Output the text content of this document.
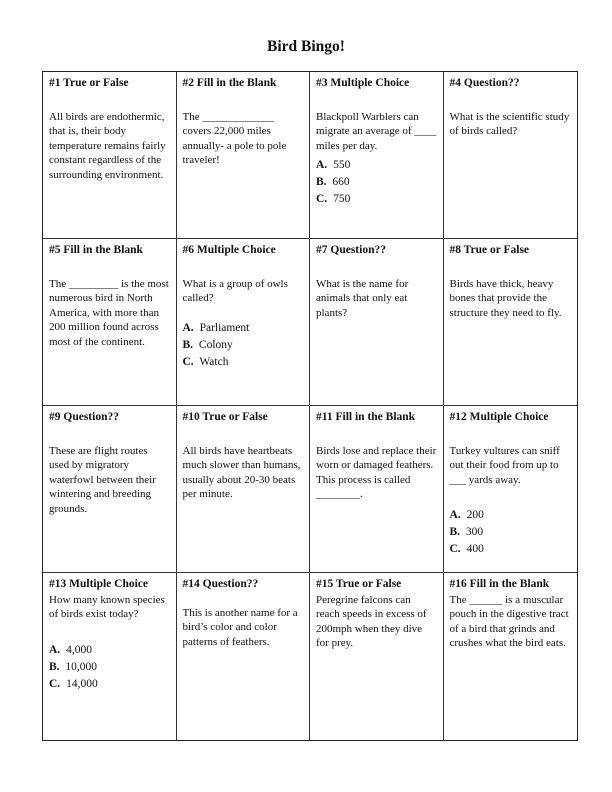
Bird Bingo!
#1 True or False
All birds are endothermic, that is, their body temperature remains fairly constant regardless of the surrounding environment.
#2 Fill in the Blank
The _____________ covers 22,000 miles annually- a pole to pole traveler!
#3 Multiple Choice
Blackpoll Warblers can migrate an average of ____ miles per day.
A. 550
B. 660
C. 750
#4 Question??
What is the scientific study of birds called?
#5 Fill in the Blank
The _________ is the most numerous bird in North America, with more than 200 million found across most of the continent.
#6 Multiple Choice
What is a group of owls called?
A. Parliament
B. Colony
C. Watch
#7 Question??
What is the name for animals that only eat plants?
#8 True or False
Birds have thick, heavy bones that provide the structure they need to fly.
#9 Question??
These are flight routes used by migratory waterfowl between their wintering and breeding grounds.
#10 True or False
All birds have heartbeats much slower than humans, usually about 20-30 beats per minute.
#11 Fill in the Blank
Birds lose and replace their worn or damaged feathers. This process is called ________.
#12 Multiple Choice
Turkey vultures can sniff out their food from up to ___ yards away.
A. 200
B. 300
C. 400
#13 Multiple Choice
How many known species of birds exist today?
A. 4,000
B. 10,000
C. 14,000
#14 Question??
This is another name for a bird’s color and color patterns of feathers.
#15 True or False
Peregrine falcons can reach speeds in excess of 200mph when they dive for prey.
#16 Fill in the Blank
The ______ is a muscular pouch in the digestive tract of a bird that grinds and crushes what the bird eats.
